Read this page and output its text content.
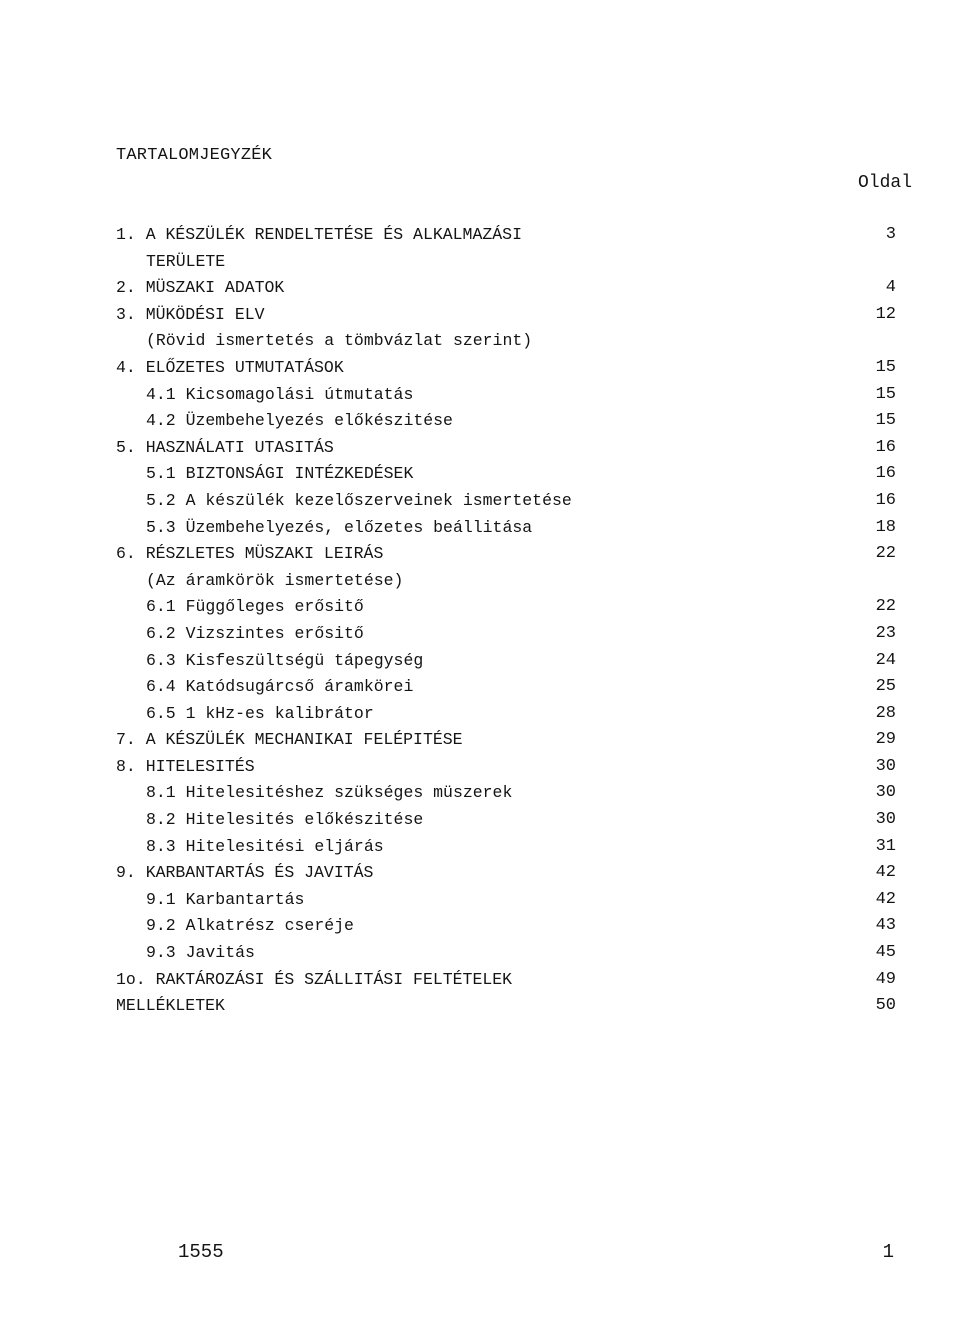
TARTALOMJEGYZÉK
Oldal
1. A KÉSZÜLÉK RENDELTETÉSE ÉS ALKALMAZÁSI	3
TERÜLETE
2. MÜSZAKI ADATOK	4
3. MÜKÖDÉSI ELV	12
(Rövid ismertetés a tömbvázlat szerint)
4. ELŐZETES UTMUTATÁSOK	15
4.1 Kicsomagolási útmutatás	15
4.2 Üzembehelyezés előkészitése	15
5. HASZNÁLATI UTASITÁS	16
5.1 BIZTONSÁGI INTÉZKEDÉSEK	16
5.2 A készülék kezelőszerveinek ismertetése	16
5.3 Üzembehelyezés, előzetes beállitása	18
6. RÉSZLETES MÜSZAKI LEIRÁS	22
(Az áramkörök ismertetése)
6.1 Függőleges erősitő	22
6.2 Vizszintes erősitő	23
6.3 Kisfeszültségü tápegység	24
6.4 Katódsugárcső áramkörei	25
6.5 1 kHz-es kalibrátor	28
7. A KÉSZÜLÉK MECHANIKAI FELÉPITÉSE	29
8. HITELESITÉS	30
8.1 Hitelesitéshez szükséges müszerek	30
8.2 Hitelesités előkészitése	30
8.3 Hitelesitési eljárás	31
9. KARBANTARTÁS ÉS JAVITÁS	42
9.1 Karbantartás	42
9.2 Alkatrész cseréje	43
9.3 Javitás	45
1o. RAKTÁROZÁSI ÉS SZÁLLITÁSI FELTÉTELEK	49
MELLÉKLETEK	50
1555	1
